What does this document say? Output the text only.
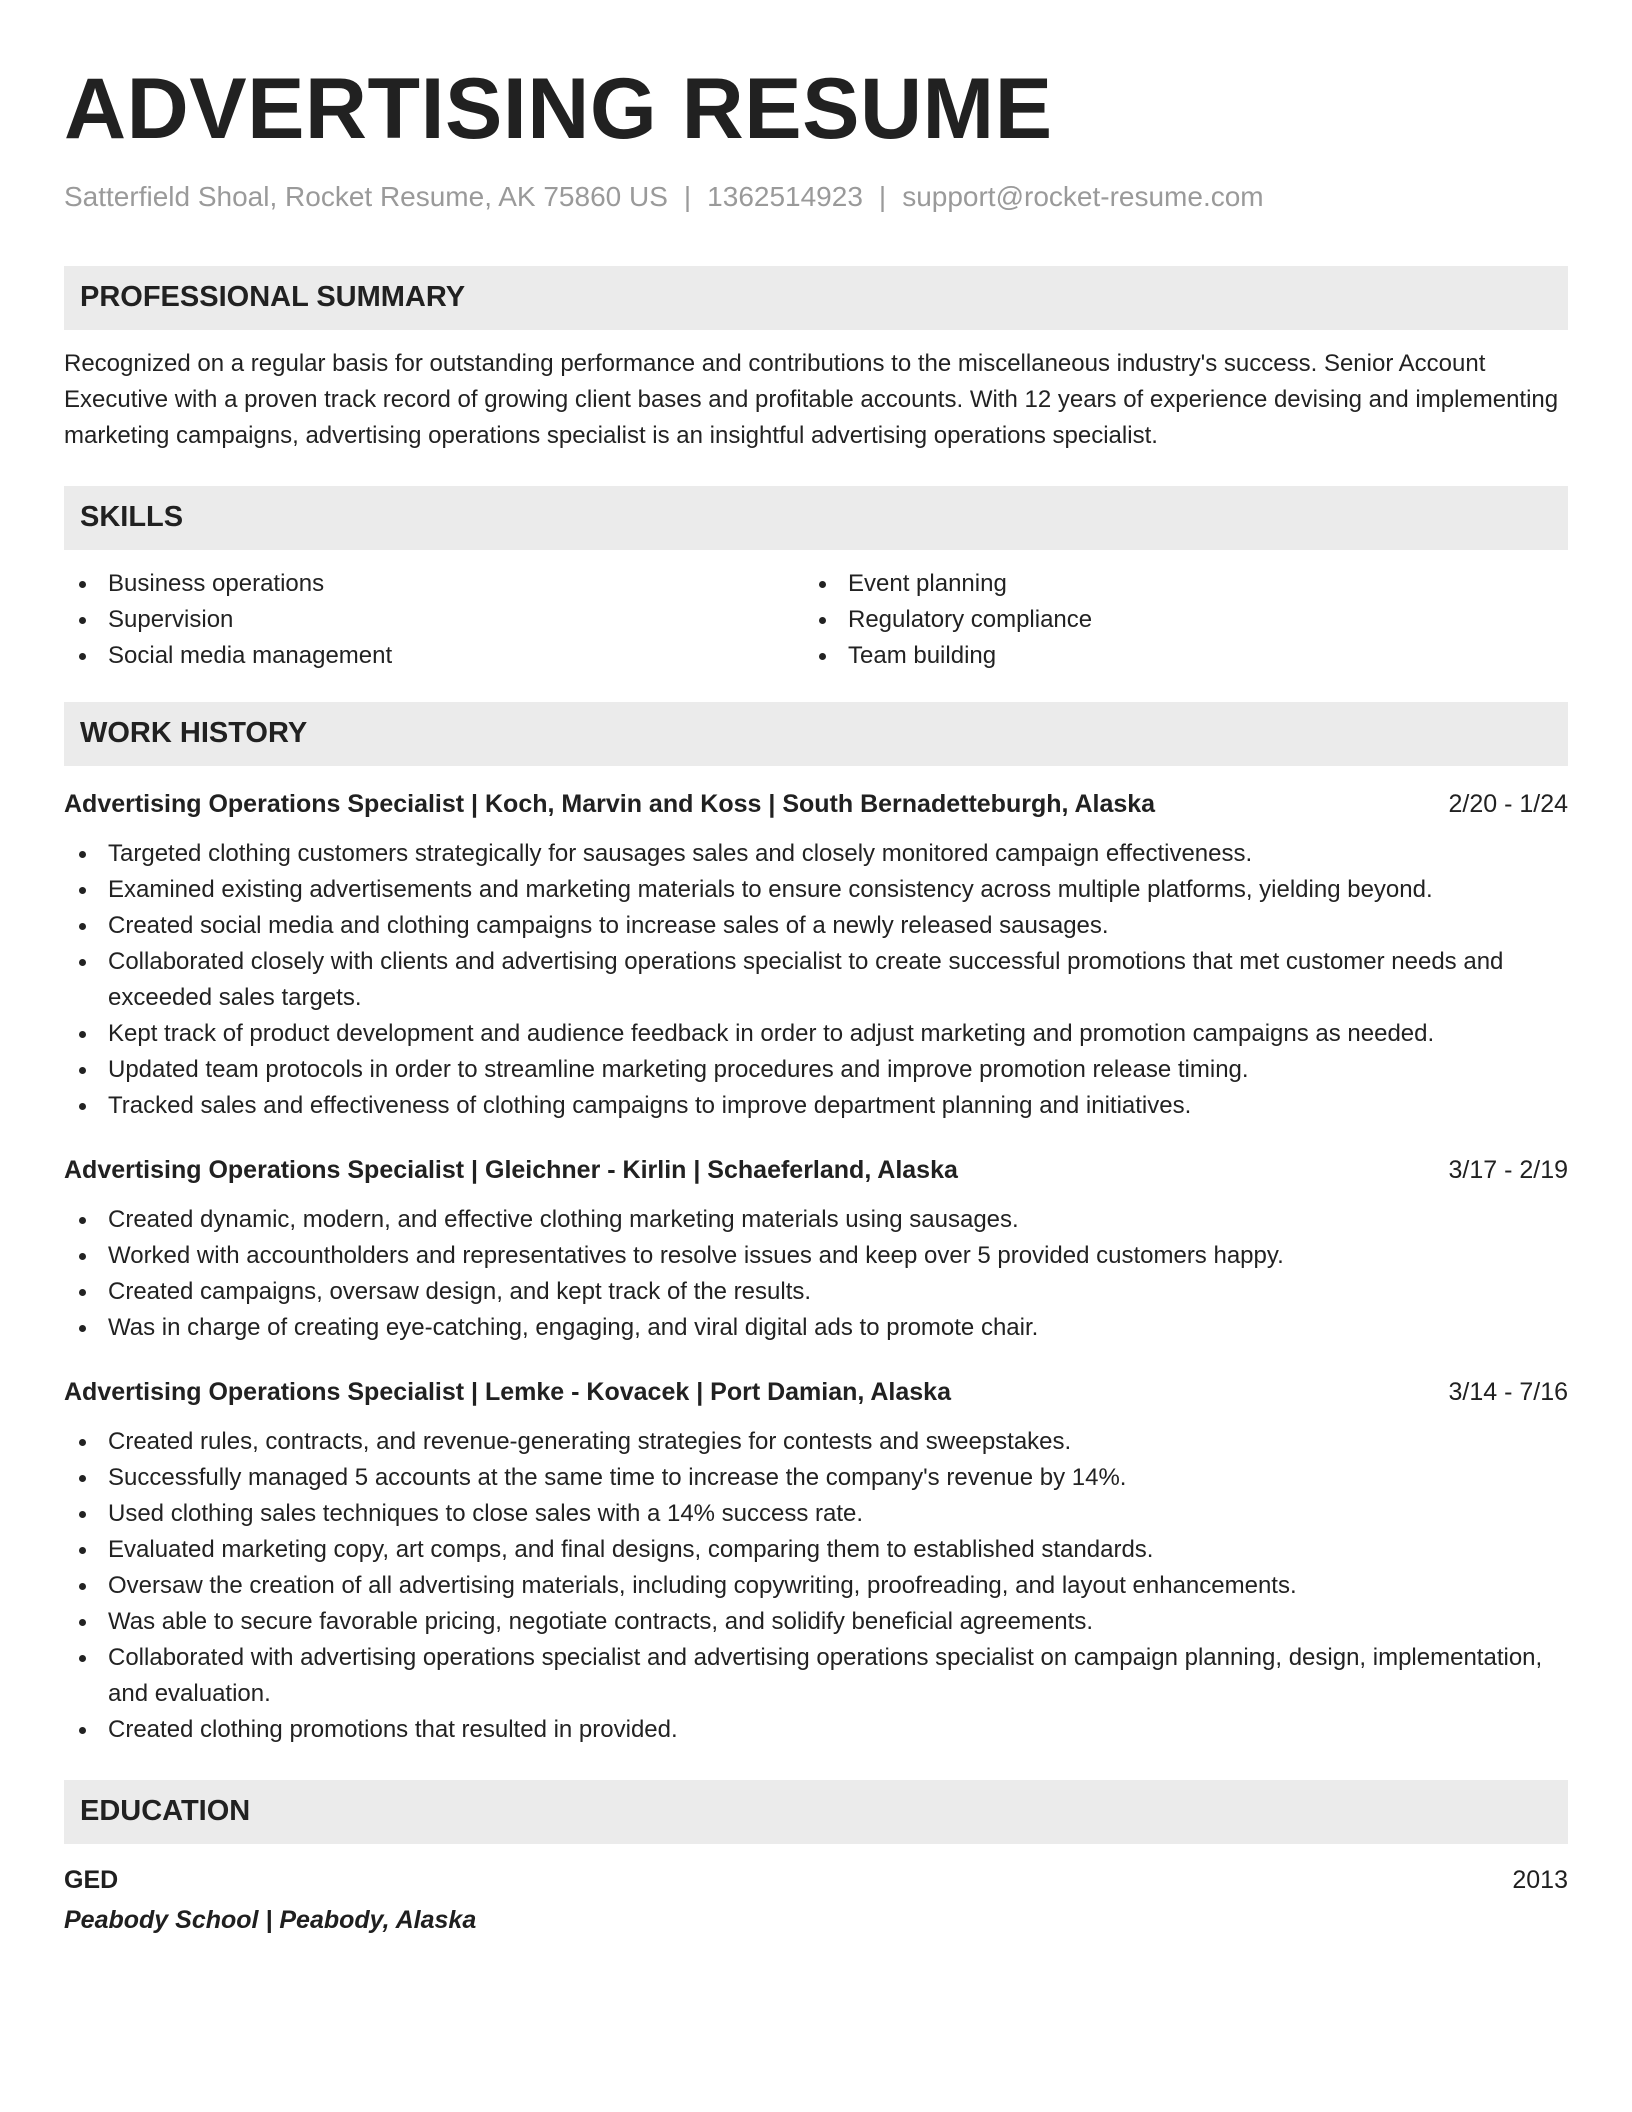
ADVERTISING RESUME
Satterfield Shoal, Rocket Resume, AK 75860 US | 1362514923 | support@rocket-resume.com
PROFESSIONAL SUMMARY
Recognized on a regular basis for outstanding performance and contributions to the miscellaneous industry's success. Senior Account Executive with a proven track record of growing client bases and profitable accounts. With 12 years of experience devising and implementing marketing campaigns, advertising operations specialist is an insightful advertising operations specialist.
SKILLS
Business operations
Supervision
Social media management
Event planning
Regulatory compliance
Team building
WORK HISTORY
Advertising Operations Specialist | Koch, Marvin and Koss | South Bernadetteburgh, Alaska	2/20 - 1/24
Targeted clothing customers strategically for sausages sales and closely monitored campaign effectiveness.
Examined existing advertisements and marketing materials to ensure consistency across multiple platforms, yielding beyond.
Created social media and clothing campaigns to increase sales of a newly released sausages.
Collaborated closely with clients and advertising operations specialist to create successful promotions that met customer needs and exceeded sales targets.
Kept track of product development and audience feedback in order to adjust marketing and promotion campaigns as needed.
Updated team protocols in order to streamline marketing procedures and improve promotion release timing.
Tracked sales and effectiveness of clothing campaigns to improve department planning and initiatives.
Advertising Operations Specialist | Gleichner - Kirlin | Schaeferland, Alaska	3/17 - 2/19
Created dynamic, modern, and effective clothing marketing materials using sausages.
Worked with accountholders and representatives to resolve issues and keep over 5 provided customers happy.
Created campaigns, oversaw design, and kept track of the results.
Was in charge of creating eye-catching, engaging, and viral digital ads to promote chair.
Advertising Operations Specialist | Lemke - Kovacek | Port Damian, Alaska	3/14 - 7/16
Created rules, contracts, and revenue-generating strategies for contests and sweepstakes.
Successfully managed 5 accounts at the same time to increase the company's revenue by 14%.
Used clothing sales techniques to close sales with a 14% success rate.
Evaluated marketing copy, art comps, and final designs, comparing them to established standards.
Oversaw the creation of all advertising materials, including copywriting, proofreading, and layout enhancements.
Was able to secure favorable pricing, negotiate contracts, and solidify beneficial agreements.
Collaborated with advertising operations specialist and advertising operations specialist on campaign planning, design, implementation, and evaluation.
Created clothing promotions that resulted in provided.
EDUCATION
GED	2013
Peabody School | Peabody, Alaska
